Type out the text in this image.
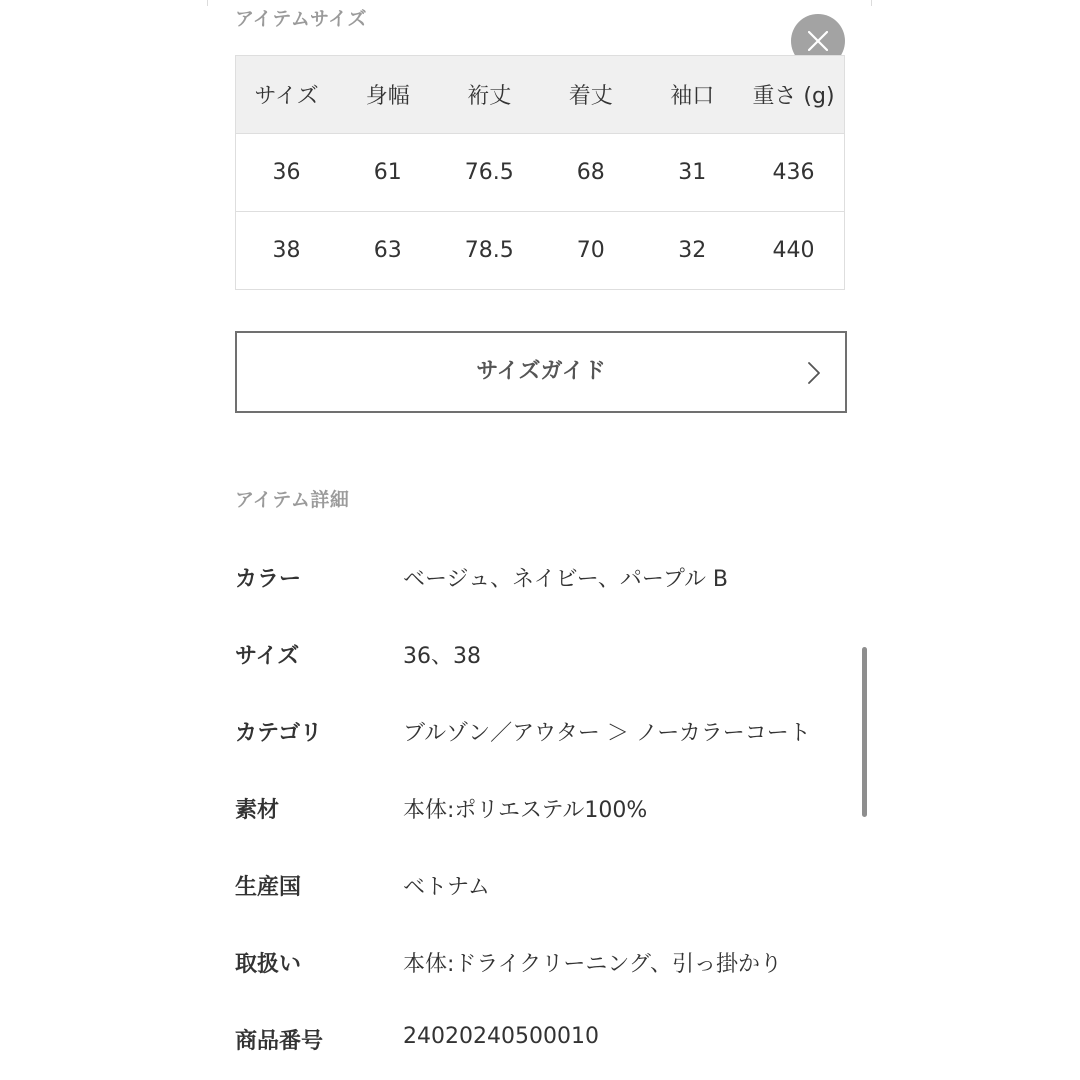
アイテムサイズ
サイズ	身幅	裄丈	着丈	袖口	重さ (g)
36	61	76.5	68	31	436
38	63	78.5	70	32	440
サイズガイド
アイテム詳細
カラー	ベージュ、ネイビー、パープル B
サイズ	36、38
カテゴリ	ブルゾン／アウター ＞ ノーカラーコート
素材	本体:ポリエステル100%
生産国	ベトナム
取扱い	本体:ドライクリーニング、引っ掛かり
商品番号	24020240500010
